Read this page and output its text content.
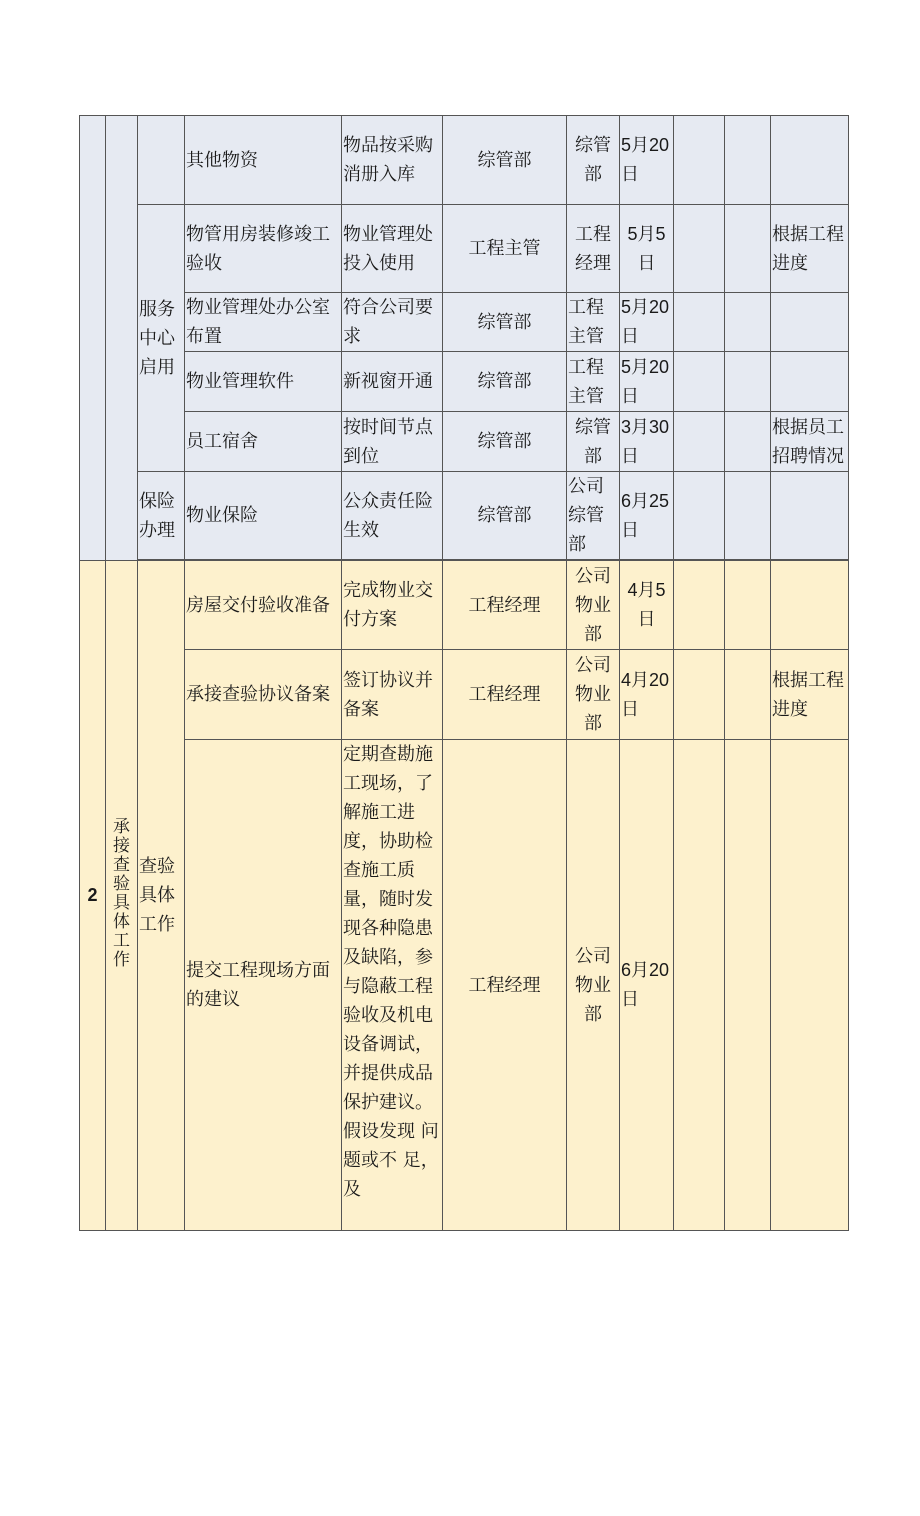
			其他物资	物品按采购消册入库	综管部	综管部	5月20日			
		服务中心启用	物管用房装修竣工验收	物业管理处投入使用	工程主管	工程经理	5月5日			根据工程进度
			物业管理处办公室布置	符合公司要求	综管部	工程主管	5月20日			
			物业管理软件	新视窗开通	综管部	工程主管	5月20日			
			员工宿舍	按时间节点到位	综管部	综管部	3月30日			根据员工招聘情况
		保险办理	物业保险	公众责任险生效	综管部	公司综管部	6月25日			

2	承接查验具体工作	查验具体工作	房屋交付验收准备	完成物业交付方案	工程经理	公司物业部	4月5日			
			承接查验协议备案	签订协议并备案	工程经理	公司物业部	4月20日			根据工程进度
			提交工程现场方面的建议	定期查勘施工现场，了解施工进度，协助检查施工质量，随时发现各种隐患及缺陷，参与隐蔽工程验收及机电设备调试，并提供成品保护建议。假设发现 问题或不 足，及	工程经理	公司物业部	6月20日			
